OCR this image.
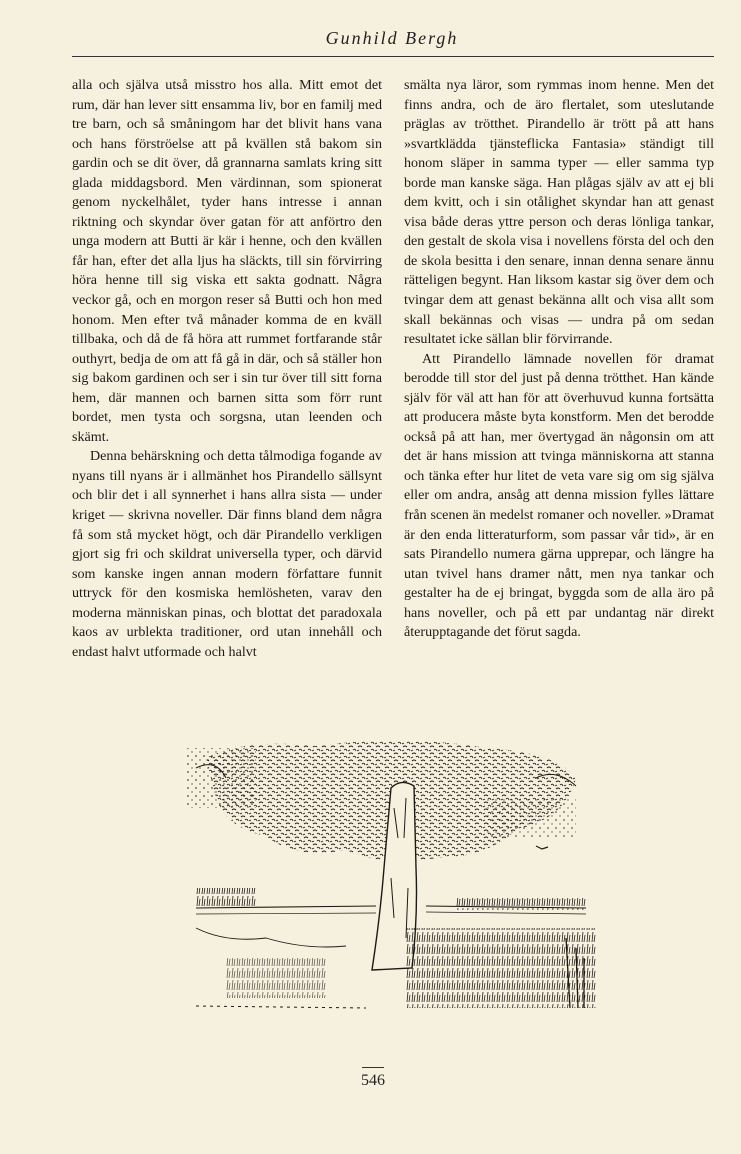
Gunhild Bergh

alla och själva utså misstro hos alla. Mitt emot det rum, där han lever sitt ensamma liv, bor en familj med tre barn, och så småningom har det blivit hans vana och hans förströelse att på kvällen stå bakom sin gardin och se dit över, då grannarna samlats kring sitt glada middagsbord. Men värdinnan, som spionerat genom nyckelhålet, tyder hans intresse i annan riktning och skyndar över gatan för att anförtro den unga modern att Butti är kär i henne, och den kvällen får han, efter det alla ljus ha släckts, till sin förvirring höra henne till sig viska ett sakta godnatt. Några veckor gå, och en morgon reser så Butti och hon med honom. Men efter två månader komma de en kväll tillbaka, och då de få höra att rummet fortfarande står outhyrt, bedja de om att få gå in där, och så ställer hon sig bakom gardinen och ser i sin tur över till sitt forna hem, där mannen och barnen sitta som förr runt bordet, men tysta och sorgsna, utan leenden och skämt.

Denna behärskning och detta tålmodiga fogande av nyans till nyans är i allmänhet hos Pirandello sällsynt och blir det i all synnerhet i hans allra sista — under kriget — skrivna noveller. Där finns bland dem några få som stå mycket högt, och där Pirandello verkligen gjort sig fri och skildrat universella typer, och därvid som kanske ingen annan modern författare funnit uttryck för den kosmiska hemlösheten, varav den moderna människan pinas, och blottat det paradoxala kaos av urblekta traditioner, ord utan innehåll och endast halvt utformade och halvt

smälta nya läror, som rymmas inom henne. Men det finns andra, och de äro flertalet, som uteslutande präglas av trötthet. Pirandello är trött på att hans »svartklädda tjänsteflicka Fantasia» ständigt till honom släper in samma typer — eller samma typ borde man kanske säga. Han plågas själv av att ej bli dem kvitt, och i sin otålighet skyndar han att genast visa både deras yttre person och deras lönliga tankar, den gestalt de skola visa i novellens första del och den de skola besitta i den senare, innan denna senare ännu rätteligen begynt. Han liksom kastar sig över dem och tvingar dem att genast bekänna allt och visa allt som skall bekännas och visas — undra på om sedan resultatet icke sällan blir förvirrande.

Att Pirandello lämnade novellen för dramat berodde till stor del just på denna trötthet. Han kände själv för väl att han för att överhuvud kunna fortsätta att producera måste byta konstform. Men det berodde också på att han, mer övertygad än någonsin om att det är hans mission att tvinga människorna att stanna och tänka efter hur litet de veta vare sig om sig själva eller om andra, ansåg att denna mission fylles lättare från scenen än medelst romaner och noveller. »Dramat är den enda litteraturform, som passar vår tid», är en sats Pirandello numera gärna upprepar, och längre ha utan tvivel hans dramer nått, men nya tankar och gestalter ha de ej bringat, byggda som de alla äro på hans noveller, och på ett par undantag när direkt återupptagande det förut sagda.

546
